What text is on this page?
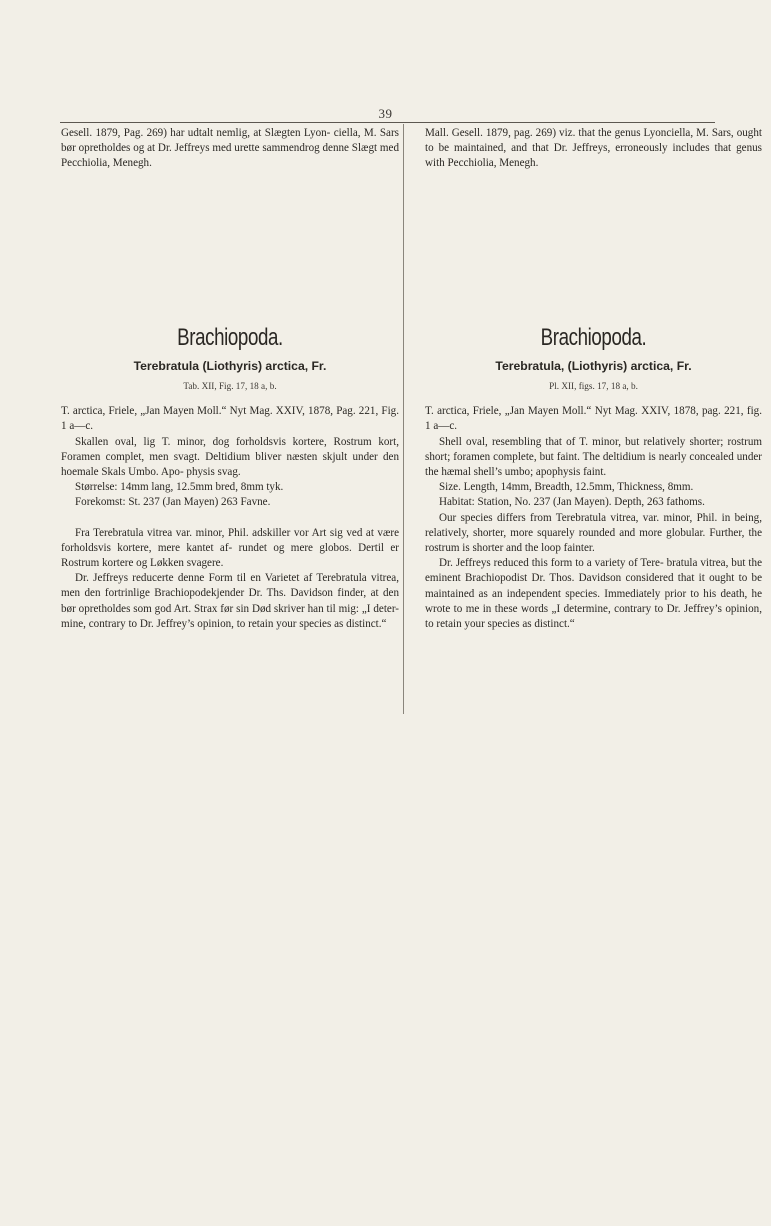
39

Gesell. 1879, Pag. 269) har udtalt nemlig, at Slægten Lyon- ciella, M. Sars bør opretholdes og at Dr. Jeffreys med urette sammendrog denne Slægt med Pecchiolia, Menegh.

Brachiopoda.
Terebratula (Liothyris) arctica, Fr.
Tab. XII, Fig. 17, 18 a, b.

T. arctica, Friele, „Jan Mayen Moll.“ Nyt Mag. XXIV, 1878, Pag. 221, Fig. 1 a—c.

Skallen oval, lig T. minor, dog forholdsvis kortere, Rostrum kort, Foramen complet, men svagt. Deltidium bliver næsten skjult under den hoemale Skals Umbo. Apo- physis svag.

Størrelse: 14mm lang, 12.5mm bred, 8mm tyk.

Forekomst: St. 237 (Jan Mayen) 263 Favne.

Fra Terebratula vitrea var. minor, Phil. adskiller vor Art sig ved at være forholdsvis kortere, mere kantet af- rundet og mere globos. Dertil er Rostrum kortere og Løkken svagere.

Dr. Jeffreys reducerte denne Form til en Varietet af Terebratula vitrea, men den fortrinlige Brachiopodekjender Dr. Ths. Davidson finder, at den bør opretholdes som god Art. Strax før sin Død skriver han til mig: „I deter- mine, contrary to Dr. Jeffrey’s opinion, to retain your species as distinct.“

Mall. Gesell. 1879, pag. 269) viz. that the genus Lyonciella, M. Sars, ought to be maintained, and that Dr. Jeffreys, erroneously includes that genus with Pecchiolia, Menegh.

Brachiopoda.
Terebratula, (Liothyris) arctica, Fr.
Pl. XII, figs. 17, 18 a, b.

T. arctica, Friele, „Jan Mayen Moll.“ Nyt Mag. XXIV, 1878, pag. 221, fig. 1 a—c.

Shell oval, resembling that of T. minor, but relatively shorter; rostrum short; foramen complete, but faint. The deltidium is nearly concealed under the hæmal shell’s umbo; apophysis faint.

Size. Length, 14mm, Breadth, 12.5mm, Thickness, 8mm.

Habitat: Station, No. 237 (Jan Mayen). Depth, 263 fathoms.

Our species differs from Terebratula vitrea, var. minor, Phil. in being, relatively, shorter, more squarely rounded and more globular. Further, the rostrum is shorter and the loop fainter.

Dr. Jeffreys reduced this form to a variety of Tere- bratula vitrea, but the eminent Brachiopodist Dr. Thos. Davidson considered that it ought to be maintained as an independent species. Immediately prior to his death, he wrote to me in these words „I determine, contrary to Dr. Jeffrey’s opinion, to retain your species as distinct.“
